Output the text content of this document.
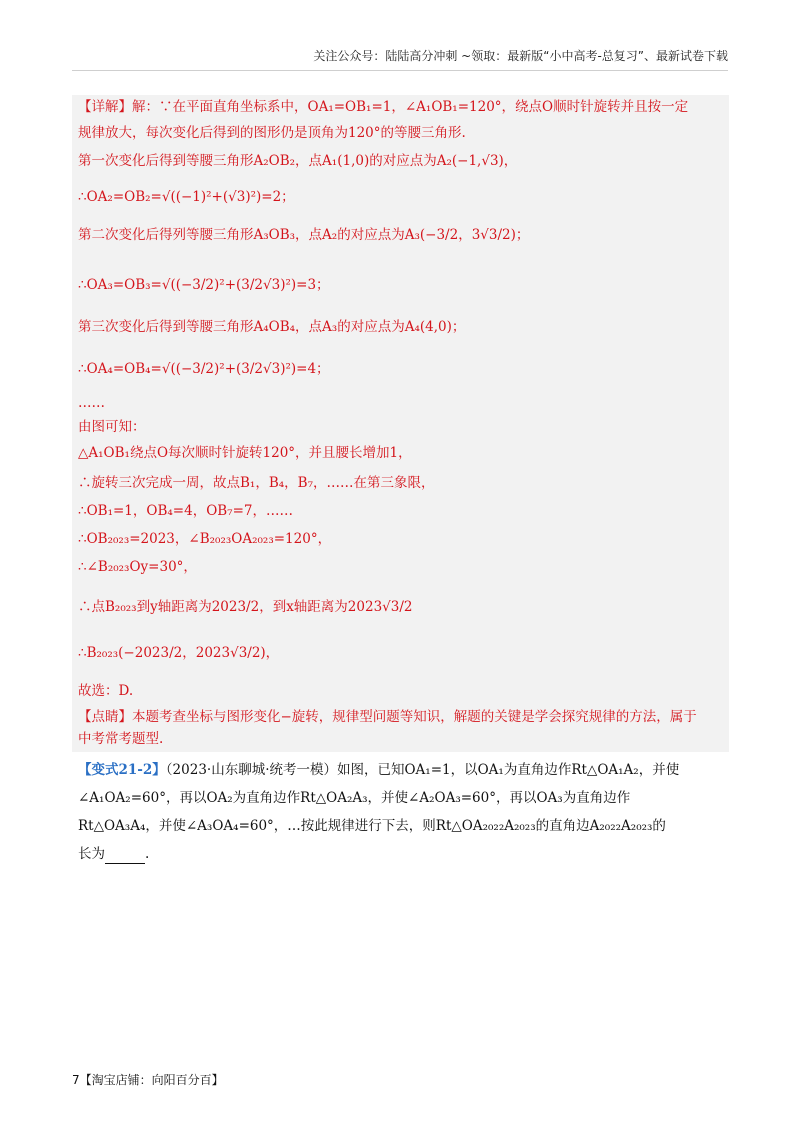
关注公众号：陆陆高分冲刺 ~领取：最新版“小中高考-总复习”、最新试卷下载
【详解】解：∵在平面直角坐标系中，OA₁=OB₁=1，∠A₁OB₁=120°，绕点O顺时针旋转并且按一定
规律放大，每次变化后得到的图形仍是顶角为120°的等腰三角形.
第一次变化后得到等腰三角形A₂OB₂，点A₁(1,0)的对应点为A₂(−1,√3)，
∴OA₂=OB₂=√((−1)²+(√3)²)=2；
第二次变化后得列等腰三角形A₃OB₃，点A₂的对应点为A₃(−3/2，3√3/2)；
∴OA₃=OB₃=√((−3/2)²+(3/2√3)²)=3；
第三次变化后得到等腰三角形A₄OB₄，点A₃的对应点为A₄(4,0)；
∴OA₄=OB₄=√((−3/2)²+(3/2√3)²)=4；
……
由图可知：
△A₁OB₁绕点O每次顺时针旋转120°，并且腰长增加1，
∴旋转三次完成一周，故点B₁，B₄，B₇，……在第三象限，
∴OB₁=1，OB₄=4，OB₇=7，……
∴OB₂₀₂₃=2023，∠B₂₀₂₃OA₂₀₂₃=120°，
∴∠B₂₀₂₃Oy=30°，
∴点B₂₀₂₃到y轴距离为2023/2，到x轴距离为2023√3/2
∴B₂₀₂₃(−2023/2，2023√3/2)，
故选：D.
【点睛】本题考查坐标与图形变化−旋转，规律型问题等知识，解题的关键是学会探究规律的方法，属于
中考常考题型.
【变式21-2】（2023·山东聊城·统考一模）如图，已知OA₁=1，以OA₁为直角边作Rt△OA₁A₂，并使
∠A₁OA₂=60°，再以OA₂为直角边作Rt△OA₂A₃，并使∠A₂OA₃=60°，再以OA₃为直角边作
Rt△OA₃A₄，并使∠A₃OA₄=60°，…按此规律进行下去，则Rt△OA₂₀₂₂A₂₀₂₃的直角边A₂₀₂₂A₂₀₂₃的
长为	.
7【淘宝店铺：向阳百分百】
